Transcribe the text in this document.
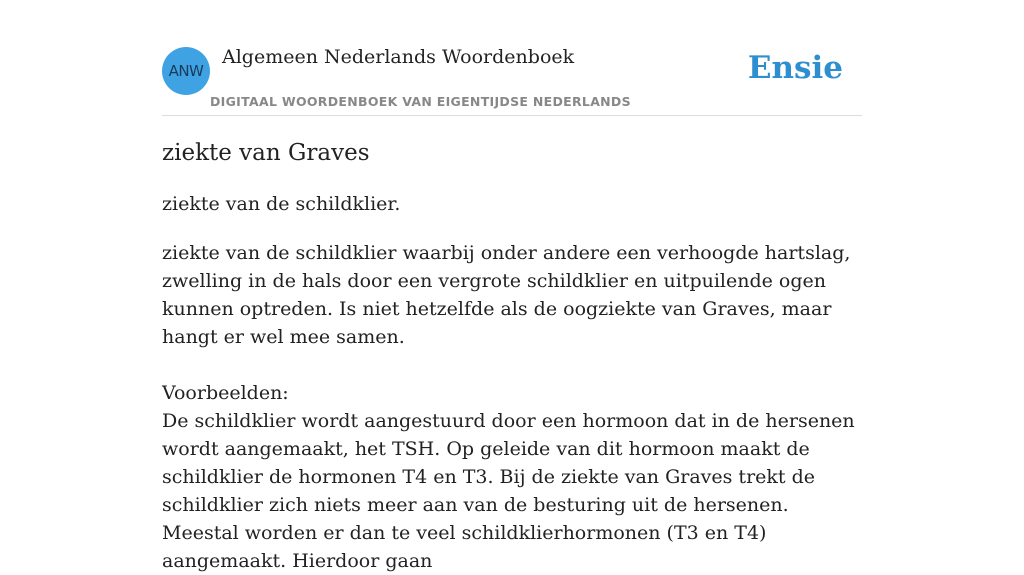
ANW
Algemeen Nederlands Woordenboek
DIGITAAL WOORDENBOEK VAN EIGENTIJDSE NEDERLANDS
Ensie
ziekte van Graves
ziekte van de schildklier.

ziekte van de schildklier waarbij onder andere een verhoogde hartslag, zwelling in de hals door een vergrote schildklier en uitpuilende ogen kunnen optreden. Is niet hetzelfde als de oogziekte van Graves, maar hangt er wel mee samen.

Voorbeelden:

De schildklier wordt aangestuurd door een hormoon dat in de hersenen wordt aangemaakt, het TSH. Op geleide van dit hormoon maakt de schildklier de hormonen T4 en T3. Bij de ziekte van Graves trekt de schildklier zich niets meer aan van de besturing uit de hersenen. Meestal worden er dan te veel schildklierhormonen (T3 en T4) aangemaakt. Hierdoor gaan
